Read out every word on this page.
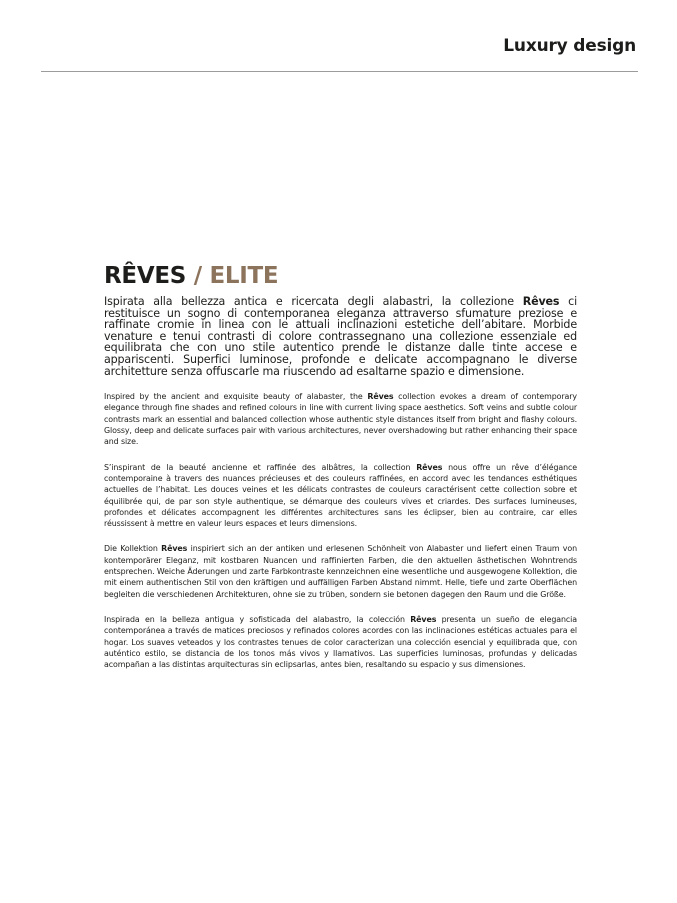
Luxury design
RÊVES / ELITE

Ispirata alla bellezza antica e ricercata degli alabastri, la collezione Rêves ci restituisce un sogno di contemporanea eleganza attraverso sfumature preziose e raffinate cromie in linea con le attuali inclinazioni estetiche dell’abitare. Morbide venature e tenui contrasti di colore contrassegnano una collezione essenziale ed equilibrata che con uno stile autentico prende le distanze dalle tinte accese e appariscenti. Superfici luminose, profonde e delicate accompagnano le diverse architetture senza offuscarle ma riuscendo ad esaltarne spazio e dimensione.

Inspired by the ancient and exquisite beauty of alabaster, the Rêves collection evokes a dream of contemporary elegance through fine shades and refined colours in line with current living space aesthetics. Soft veins and subtle colour contrasts mark an essential and balanced collection whose authentic style distances itself from bright and flashy colours. Glossy, deep and delicate surfaces pair with various architectures, never overshadowing but rather enhancing their space and size.

S’inspirant de la beauté ancienne et raffinée des albâtres, la collection Rêves nous offre un rêve d’élégance contemporaine à travers des nuances précieuses et des couleurs raffinées, en accord avec les tendances esthétiques actuelles de l’habitat. Les douces veines et les délicats contrastes de couleurs caractérisent cette collection sobre et équilibrée qui, de par son style authentique, se démarque des couleurs vives et criardes. Des surfaces lumineuses, profondes et délicates accompagnent les différentes architectures sans les éclipser, bien au contraire, car elles réussissent à mettre en valeur leurs espaces et leurs dimensions.

Die Kollektion Rêves inspiriert sich an der antiken und erlesenen Schönheit von Alabaster und liefert einen Traum von kontemporärer Eleganz, mit kostbaren Nuancen und raffinierten Farben, die den aktuellen ästhetischen Wohntrends entsprechen. Weiche Äderungen und zarte Farbkontraste kennzeichnen eine wesentliche und ausgewogene Kollektion, die mit einem authentischen Stil von den kräftigen und auffälligen Farben Abstand nimmt. Helle, tiefe und zarte Oberflächen begleiten die verschiedenen Architekturen, ohne sie zu trüben, sondern sie betonen dagegen den Raum und die Größe.

Inspirada en la belleza antigua y sofisticada del alabastro, la colección Rêves presenta un sueño de elegancia contemporánea a través de matices preciosos y refinados colores acordes con las inclinaciones estéticas actuales para el hogar. Los suaves veteados y los contrastes tenues de color caracterizan una colección esencial y equilibrada que, con auténtico estilo, se distancia de los tonos más vivos y llamativos. Las superficies luminosas, profundas y delicadas acompañan a las distintas arquitecturas sin eclipsarlas, antes bien, resaltando su espacio y sus dimensiones.
